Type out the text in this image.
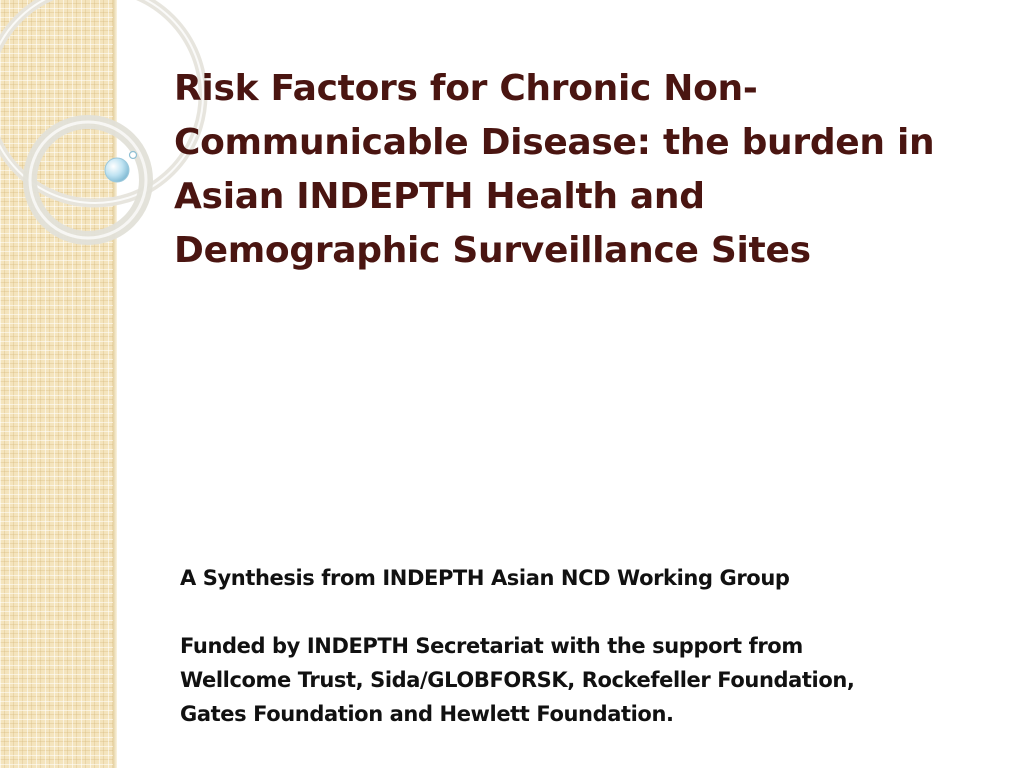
Risk Factors for Chronic Non-
Communicable Disease: the burden in
Asian INDEPTH Health and
Demographic Surveillance Sites

A Synthesis from INDEPTH Asian NCD Working Group

Funded by INDEPTH Secretariat with the support from

Wellcome Trust, Sida/GLOBFORSK, Rockefeller Foundation,

Gates Foundation and Hewlett Foundation.
